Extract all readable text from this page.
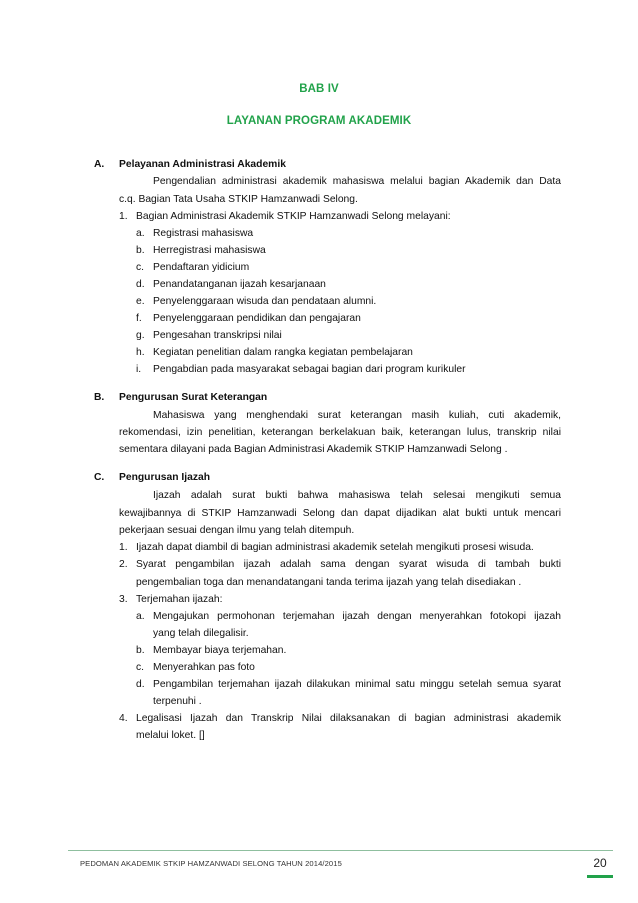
BAB IV
LAYANAN PROGRAM AKADEMIK
A. Pelayanan Administrasi Akademik
Pengendalian administrasi akademik mahasiswa melalui bagian Akademik dan Data
c.q. Bagian Tata Usaha STKIP Hamzanwadi Selong.
1. Bagian Administrasi Akademik STKIP Hamzanwadi Selong melayani:
a. Registrasi mahasiswa
b. Herregistrasi mahasiswa
c. Pendaftaran yidicium
d. Penandatanganan ijazah kesarjanaan
e. Penyelenggaraan wisuda dan pendataan alumni.
f. Penyelenggaraan pendidikan dan pengajaran
g. Pengesahan transkripsi nilai
h. Kegiatan penelitian dalam rangka kegiatan pembelajaran
i. Pengabdian pada masyarakat sebagai bagian dari program kurikuler
B. Pengurusan Surat Keterangan
Mahasiswa yang menghendaki surat keterangan masih kuliah, cuti akademik,
rekomendasi, izin penelitian, keterangan berkelakuan baik, keterangan lulus, transkrip nilai
sementara dilayani pada Bagian Administrasi Akademik STKIP Hamzanwadi Selong .
C. Pengurusan Ijazah
Ijazah adalah surat bukti bahwa mahasiswa telah selesai mengikuti semua
kewajibannya di STKIP Hamzanwadi Selong dan dapat dijadikan alat bukti untuk mencari
pekerjaan sesuai dengan ilmu yang telah ditempuh.
1. Ijazah dapat diambil di bagian administrasi akademik setelah mengikuti prosesi wisuda.
2. Syarat pengambilan ijazah adalah sama dengan syarat wisuda di tambah bukti
pengembalian toga dan menandatangani tanda terima ijazah yang telah disediakan .
3. Terjemahan ijazah:
a. Mengajukan permohonan terjemahan ijazah dengan menyerahkan fotokopi ijazah
yang telah dilegalisir.
b. Membayar biaya terjemahan.
c. Menyerahkan pas foto
d. Pengambilan terjemahan ijazah dilakukan minimal satu minggu setelah semua syarat
terpenuhi .
4. Legalisasi Ijazah dan Transkrip Nilai dilaksanakan di bagian administrasi akademik
melalui loket. []
PEDOMAN AKADEMIK STKIP HAMZANWADI SELONG TAHUN 2014/2015	20
